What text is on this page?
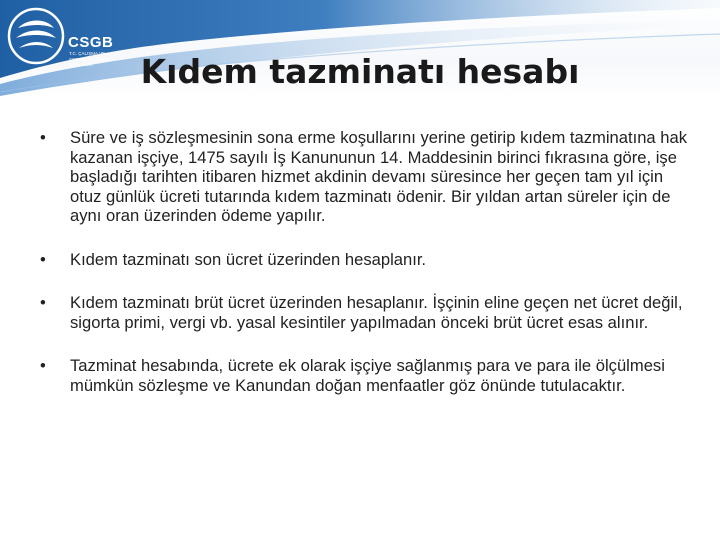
CSGB
T.C. ÇALIŞMA VE
SOSYAL GÜVENLİK
BAKANLIĞI	Kıdem tazminatı hesabı
• Süre ve iş sözleşmesinin sona erme koşullarını yerine getirip kıdem tazminatına hak kazanan işçiye, 1475 sayılı İş Kanununun 14. Maddesinin birinci fıkrasına göre, işe başladığı tarihten itibaren hizmet akdinin devamı süresince her geçen tam yıl için otuz günlük ücreti tutarında kıdem tazminatı ödenir. Bir yıldan artan süreler için de aynı oran üzerinden ödeme yapılır.
• Kıdem tazminatı son ücret üzerinden hesaplanır.
• Kıdem tazminatı brüt ücret üzerinden hesaplanır. İşçinin eline geçen net ücret değil, sigorta primi, vergi vb. yasal kesintiler yapılmadan önceki brüt ücret esas alınır.
• Tazminat hesabında, ücrete ek olarak işçiye sağlanmış para ve para ile ölçülmesi mümkün sözleşme ve Kanundan doğan menfaatler göz önünde tutulacaktır.
